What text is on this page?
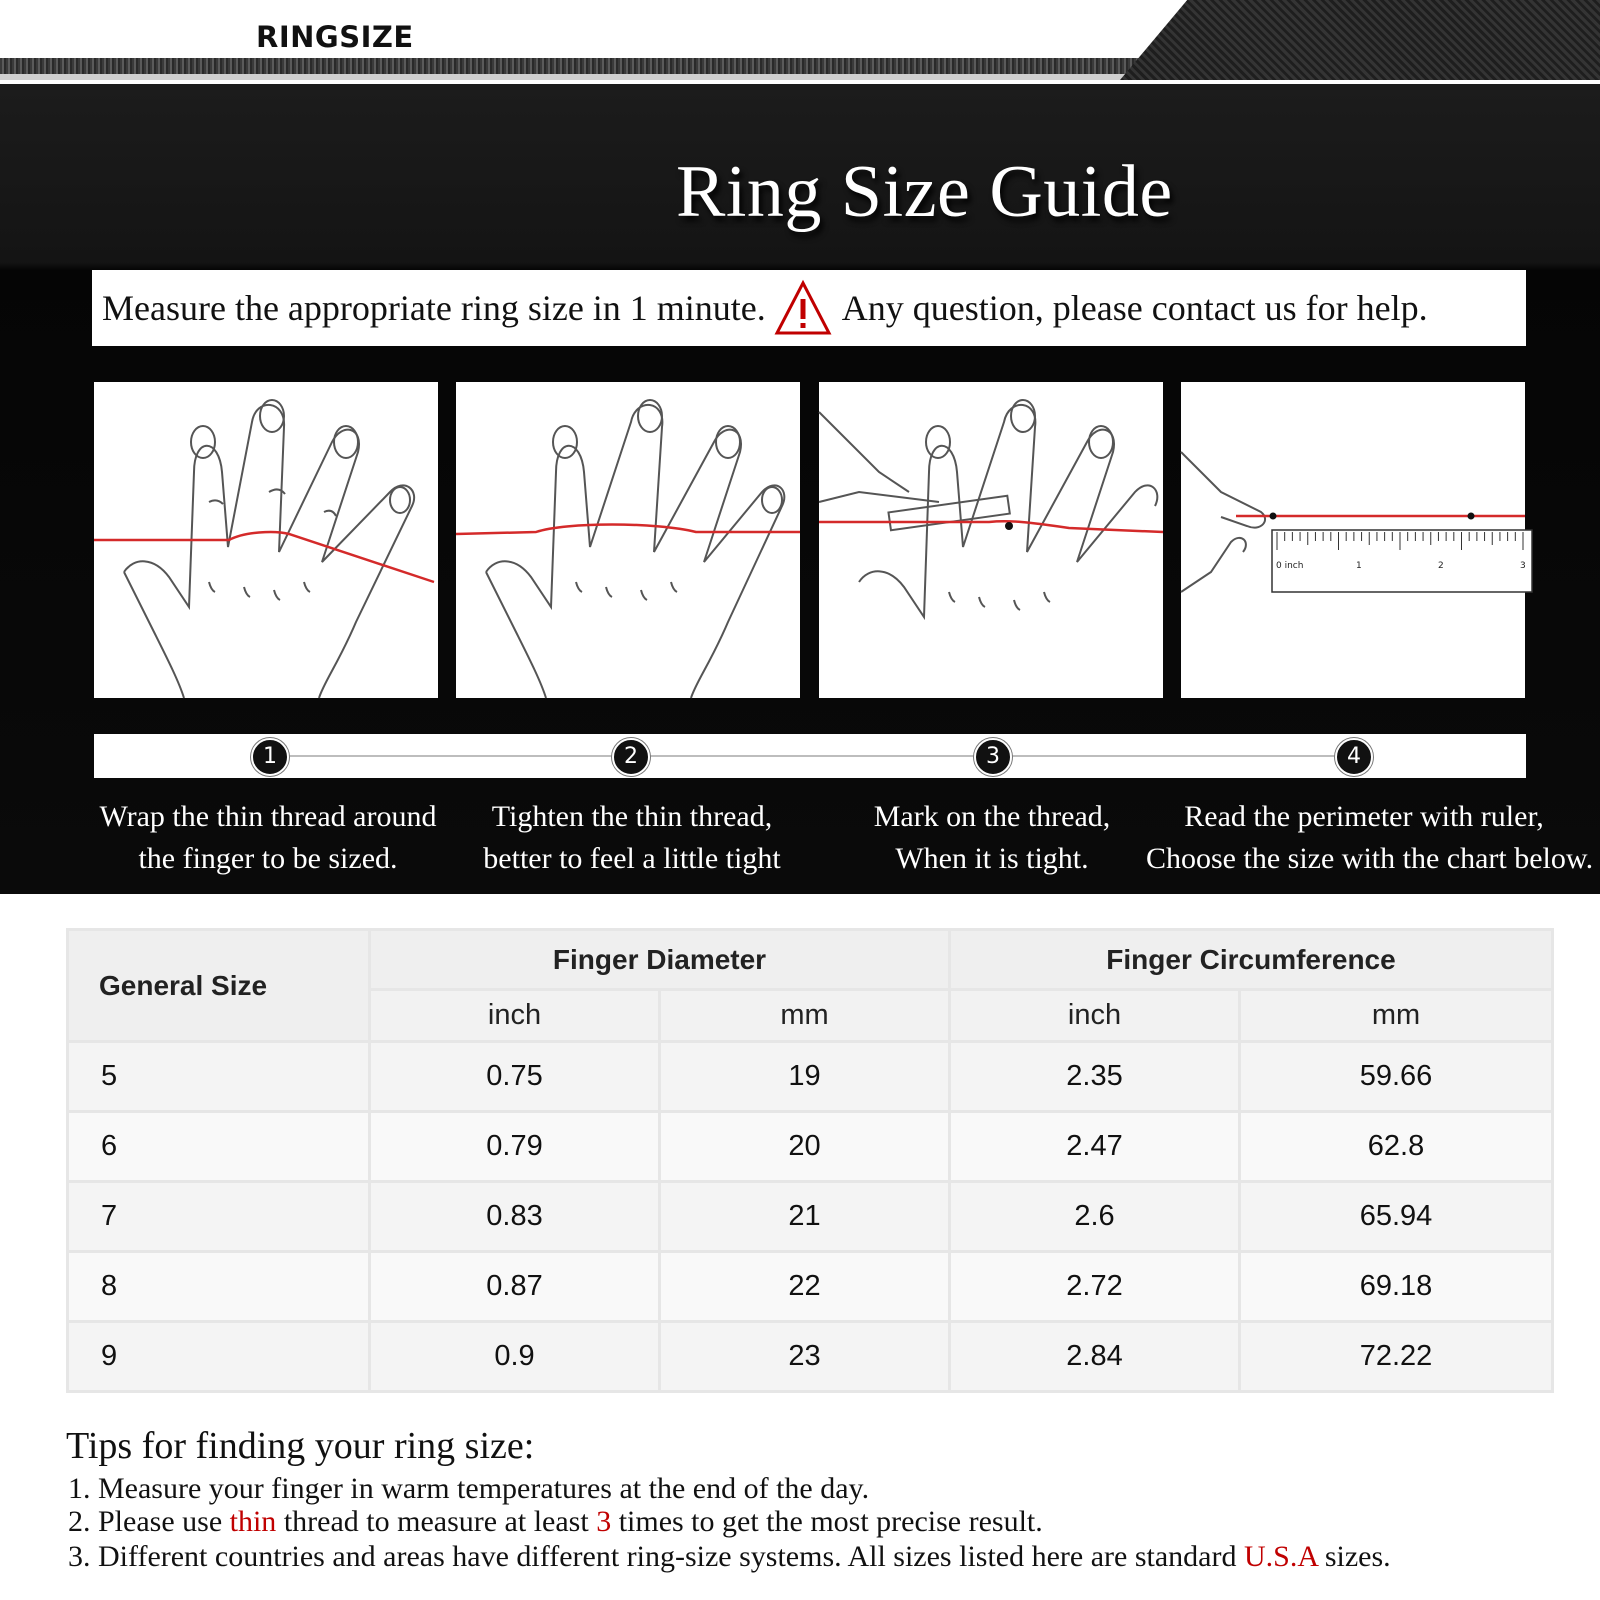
RINGSIZE
Ring Size Guide
Measure the appropriate ring size in 1 minute. Any question, please contact us for help.
0 inch	1	2	3
1	2	3	4
Wrap the thin thread around
the finger to be sized.
Tighten the thin thread,
better to feel a little tight
Mark on the thread,
When it is tight.
Read the perimeter with ruler,
Choose the size with the chart below.
General Size	Finger Diameter		Finger Circumference	
	inch	mm	inch	mm
5	0.75	19	2.35	59.66
6	0.79	20	2.47	62.8
7	0.83	21	2.6	65.94
8	0.87	22	2.72	69.18
9	0.9	23	2.84	72.22
Tips for finding your ring size:
1. Measure your finger in warm temperatures at the end of the day.
2. Please use thin thread to measure at least 3 times to get the most precise result.
3. Different countries and areas have different ring-size systems. All sizes listed here are standard U.S.A sizes.
